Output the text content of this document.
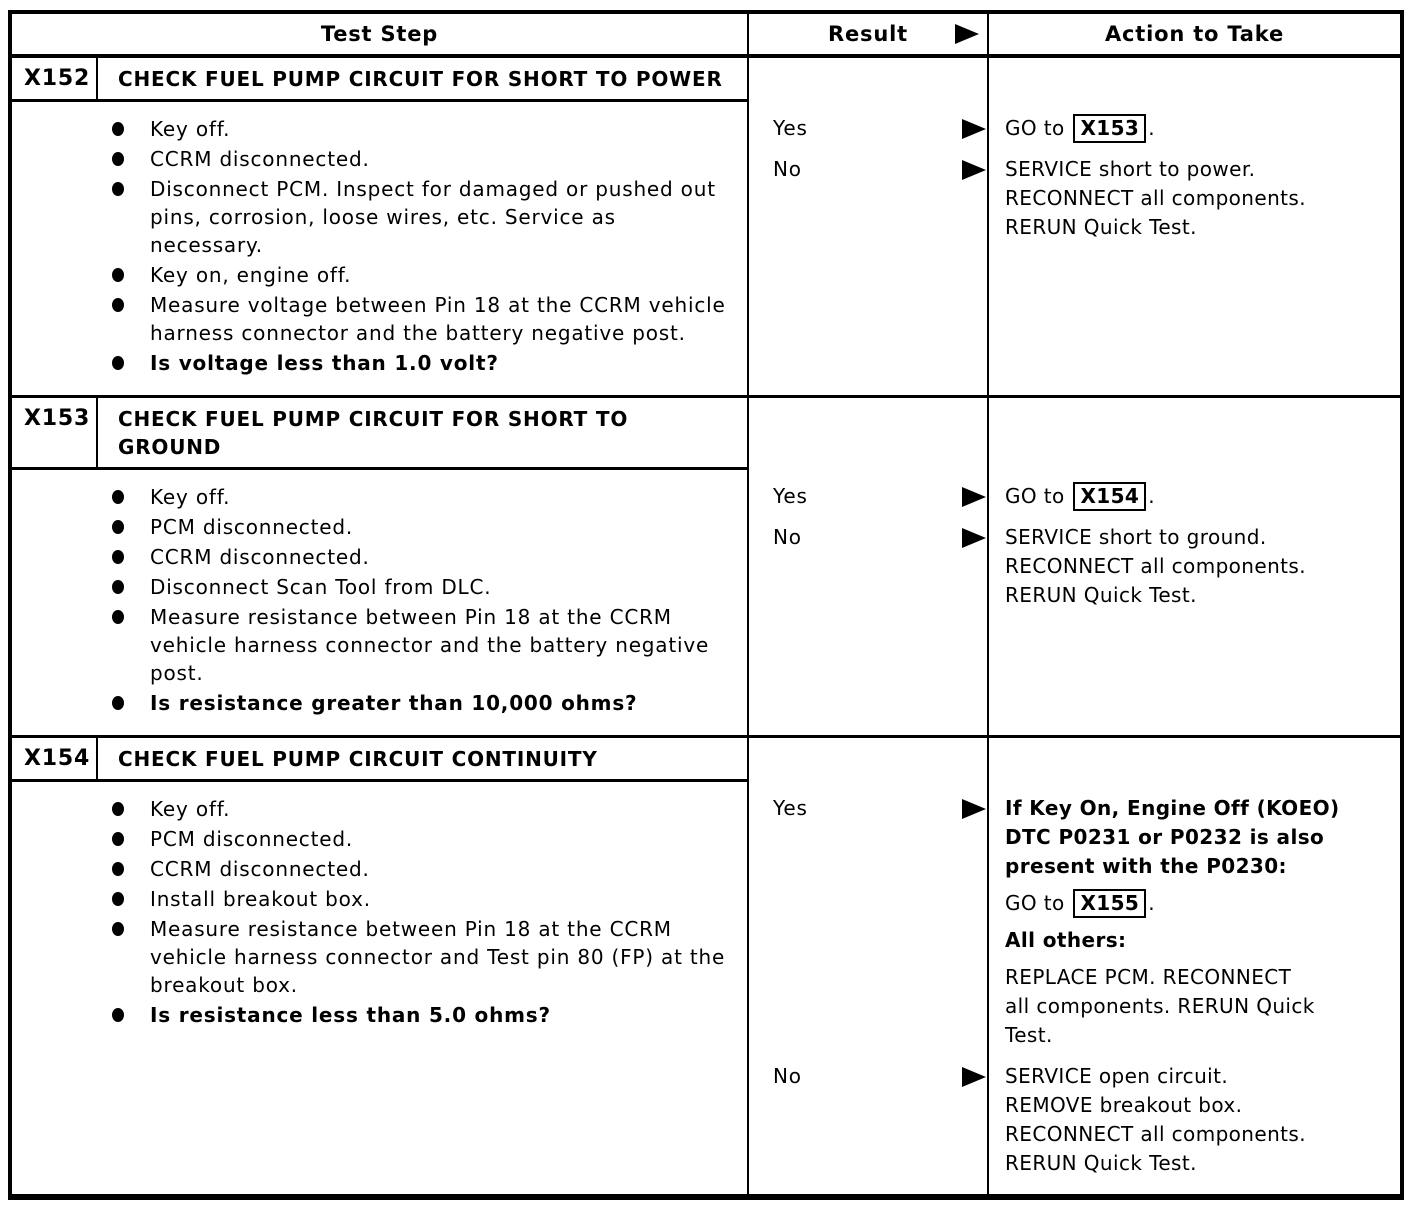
Test Step	Result	Action to Take
X152	CHECK FUEL PUMP CIRCUIT FOR SHORT TO POWER
Key off.
CCRM disconnected.
Disconnect PCM. Inspect for damaged or pushed out pins, corrosion, loose wires, etc. Service as necessary.
Key on, engine off.
Measure voltage between Pin 18 at the CCRM vehicle harness connector and the battery negative post.
Is voltage less than 1.0 volt?
Yes	GO to X153 .
No	SERVICE short to power.
RECONNECT all components.
RERUN Quick Test.
X153	CHECK FUEL PUMP CIRCUIT FOR SHORT TO GROUND
Key off.
PCM disconnected.
CCRM disconnected.
Disconnect Scan Tool from DLC.
Measure resistance between Pin 18 at the CCRM vehicle harness connector and the battery negative post.
Is resistance greater than 10,000 ohms?
Yes	GO to X154 .
No	SERVICE short to ground.
RECONNECT all components.
RERUN Quick Test.
X154	CHECK FUEL PUMP CIRCUIT CONTINUITY
Key off.
PCM disconnected.
CCRM disconnected.
Install breakout box.
Measure resistance between Pin 18 at the CCRM vehicle harness connector and Test pin 80 (FP) at the breakout box.
Is resistance less than 5.0 ohms?
Yes	If Key On, Engine Off (KOEO)
DTC P0231 or P0232 is also
present with the P0230:
GO to X155 .
All others:
REPLACE PCM. RECONNECT
all components. RERUN Quick
Test.
No	SERVICE open circuit.
REMOVE breakout box.
RECONNECT all components.
RERUN Quick Test.
